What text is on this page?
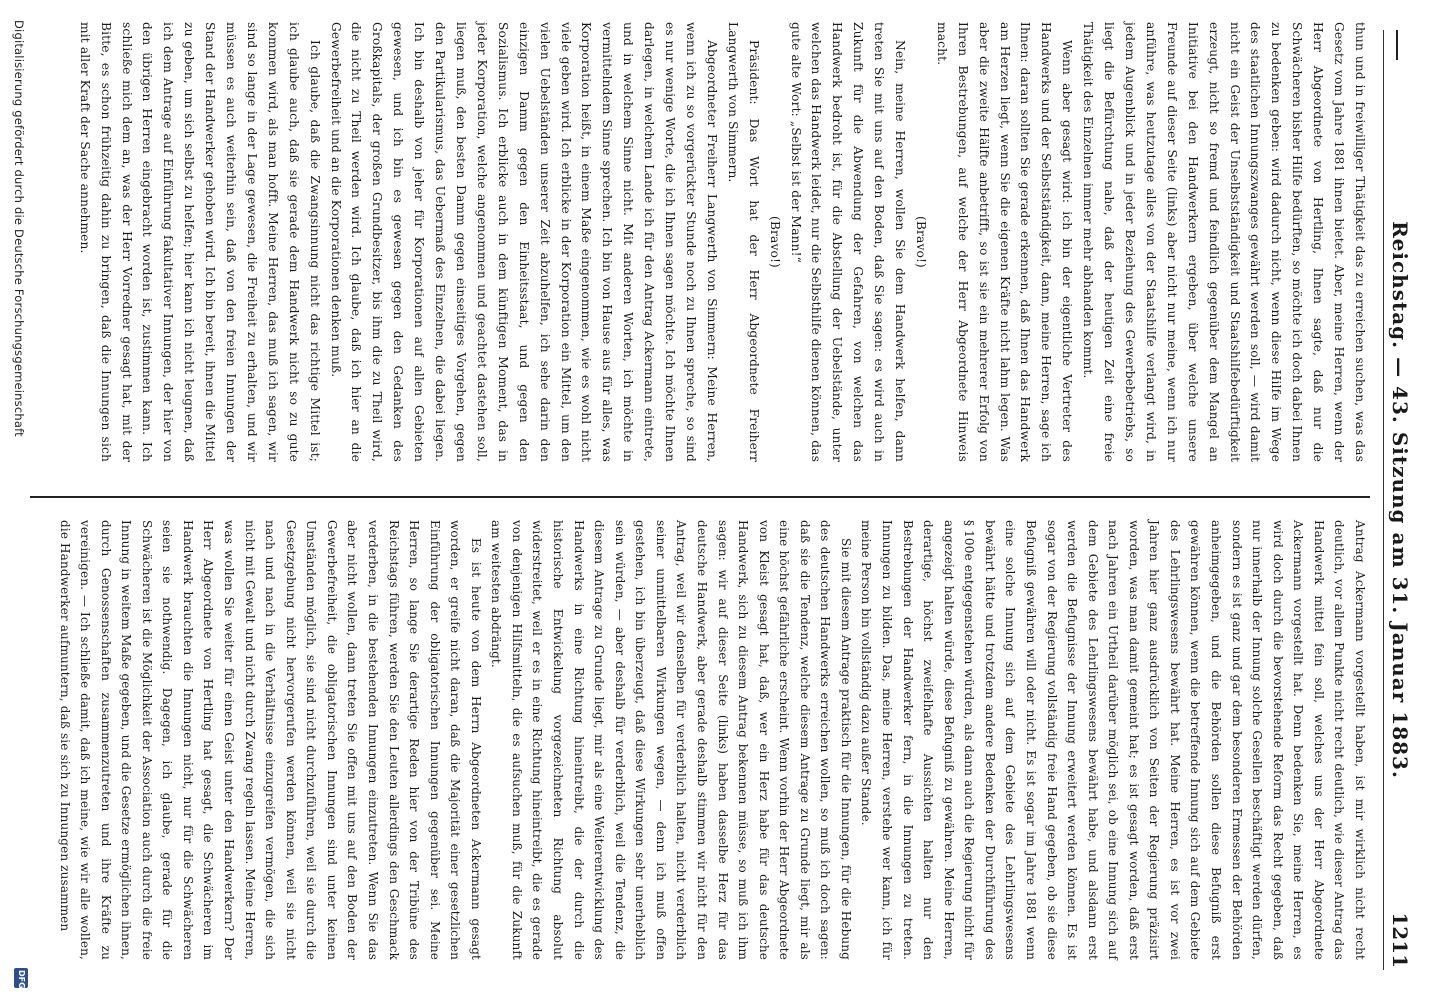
Reichstag. — 43. Sitzung am 31. Januar 1883.
1211

thun und in freiwilliger Thätigkeit das zu erreichen suchen, was das Gesetz vom Jahre 1881 ihnen bietet. Aber, meine Herren, wenn der Herr Abgeordnete von Hertling, Ihnen sagte, daß nur die Schwächeren bisher Hilfe bedürften, so möchte ich doch dabei Ihnen zu bedenken geben: wird dadurch nicht, wenn diese Hilfe im Wege des staatlichen Innungszwanges gewährt werden soll, — wird damit nicht ein Geist der Unselbstständigkeit und Staatshilfebedürftigkeit erzeugt, nicht so fremd und feindlich gegenüber dem Mangel an Initiative bei den Handwerkern ergeben, über welche unsere Freunde auf dieser Seite (links) aber nicht nur meine, wenn ich nur anführe, was heutzutage alles von der Staatshilfe verlangt wird, in jedem Augenblick und in jeder Beziehung des Gewerbebetriebs, so liegt die Befürchtung nahe, daß der heutigen Zeit eine freie Thätigkeit des Einzelnen immer mehr abhanden kommt.

Wenn aber gesagt wird: ich bin der eigentliche Vertreter des Handwerks und der Selbstständigkeit, dann, meine Herren, sage ich Ihnen: daran sollten Sie gerade erkennen, daß Ihnen das Handwerk am Herzen liegt, wenn Sie die eigenen Kräfte nicht lahm legen. Was aber die zweite Hälfte anbetrifft, so ist sie ein mehrerer Erfolg von Ihren Bestrebungen, auf welche der Herr Abgeordnete Hinweis macht.

(Bravo!)

Nein, meine Herren, wollen Sie dem Handwerk helfen, dann treten Sie mit uns auf den Boden, daß Sie sagen: es wird auch in Zukunft für die Abwendung der Gefahren, von welchen das Handwerk bedroht ist, für die Abstellung der Uebelstände, unter welchen das Handwerk leidet, nur die Selbsthilfe dienen können, das gute alte Wort: „Selbst ist der Mann!“

(Bravo!)

Präsident: Das Wort hat der Herr Abgeordnete Freiherr Langwerth von Simmern.

Abgeordneter Freiherr Langwerth von Simmern: Meine Herren, wenn ich zu so vorgerückter Stunde noch zu Ihnen spreche, so sind es nur wenige Worte, die ich Ihnen sagen möchte. Ich möchte Ihnen darlegen, in welchem Lande ich für den Antrag Ackermann eintrete, und in welchem Sinne nicht. Mit anderen Worten, ich möchte in vermittelndem Sinne sprechen. Ich bin von Hause aus für alles, was Korporation heißt, in einem Maße eingenommen, wie es wohl nicht viele geben wird. Ich erblicke in der Korporation ein Mittel, um den vielen Uebelständen unserer Zeit abzuhelfen, ich sehe darin den einzigen Damm gegen den Einheitsstaat, und gegen den Sozialismus. Ich erblicke auch in dem künftigen Moment, das in jeder Korporation, welche angenommen und geachtet dastehen soll, liegen muß, den besten Damm gegen einseitiges Vorgehen, gegen den Partikularismus, das Uebermaß des Einzelnen, die dabei liegen. Ich bin deshalb von jeher für Korporationen auf allen Gebieten gewesen, und ich bin es gewesen gegen den Gedanken des Großkapitals, der großen Grundbesitzer, bis ihm die zu Theil wird, die nicht zu Theil werden wird. Ich glaube, daß ich hier an die Gewerbefreiheit und an die Korporationen denken muß.

Ich glaube, daß die Zwangsinnung nicht das richtige Mittel ist; ich glaube auch, daß sie gerade dem Handwerk nicht so zu gute kommen wird, als man hofft. Meine Herren, das muß ich sagen, wir sind so lange in der Lage gewesen, die Freiheit zu erhalten, und wir müssen es auch weiterhin sein, daß von den freien Innungen der Stand der Handwerker gehoben wird. Ich bin bereit, ihnen die Mittel zu geben, um sich selbst zu helfen; hier kann ich nicht leugnen, daß ich dem Antrage auf Einführung fakultativer Innungen, der hier von den übrigen Herren eingebracht worden ist, zustimmen kann. Ich schließe mich dem an, was der Herr Vorredner gesagt hat, mit der Bitte, es schon frühzeitig dahin zu bringen, daß die Innungen sich mit aller Kraft der Sache annehmen.

Antrag Ackermann vorgestellt haben, ist mir wirklich nicht recht deutlich, vor allem Punkte nicht recht deutlich, wie dieser Antrag das Handwerk mittel fein soll, welches uns der Herr Abgeordnete Ackermann vorgestellt hat. Denn bedenken Sie, meine Herren, es wird doch durch die bevorstehende Reform das Recht gegeben, daß nur innerhalb der Innung solche Gesellen beschäftigt werden dürfen, sondern es ist ganz und gar dem besonderen Ermessen der Behörden anheimgegeben, und die Behörden sollen diese Befugniß erst gewähren können, wenn die betreffende Innung sich auf dem Gebiete des Lehrlingswesens bewährt hat. Meine Herren, es ist vor zwei Jahren hier ganz ausdrücklich von Seiten der Regierung präzisirt worden, was man damit gemeint hat; es ist gesagt worden, daß erst nach Jahren ein Urtheil darüber möglich sei, ob eine Innung sich auf dem Gebiete des Lehrlingswesens bewährt habe, und alsdann erst werden die Befugnisse der Innung erweitert werden können. Es ist sogar von der Regierung vollständig freie Hand gegeben, ob sie diese Befugniß gewähren will oder nicht. Es ist sogar im Jahre 1881 wenn eine solche Innung sich auf dem Gebiete des Lehrlingswesens bewährt hätte und trotzdem andere Bedenken der Durchführung des § 100e entgegenstehen würden, als dann auch die Regierung nicht für angezeigt halten würde, diese Befugniß zu gewähren. Meine Herren, derartige, höchst zweifelhafte Aussichten halten nur den Bestrebungen der Handwerker fern, in die Innungen zu treten. Innungen zu bilden. Das, meine Herren, verstehe wer kann, ich für meine Person bin vollständig dazu außer Stande.

Sie mit diesem Antrage praktisch für die Innungen, für die Hebung des deutschen Handwerks erreichen wollen, so muß ich doch sagen: daß sie die Tendenz, welche diesem Antrage zu Grunde liegt, mir als eine höchst gefährliche erscheint. Wenn vorhin der Herr Abgeordnete von Kleist gesagt hat, daß, wer ein Herz habe für das deutsche Handwerk, sich zu diesem Antrag bekennen müsse, so muß ich ihm sagen: wir auf dieser Seite (links) haben dasselbe Herz für das deutsche Handwerk, aber gerade deshalb stimmen wir nicht für den Antrag, weil wir denselben für verderblich halten, nicht verderblich seiner unmittelbaren Wirkungen wegen, — denn ich muß offen gestehen, ich bin überzeugt, daß diese Wirkungen sehr unerheblich sein würden, — aber deshalb für verderblich, weil die Tendenz, die diesem Antrage zu Grunde liegt, mir als eine Weiterentwicklung des Handwerks in eine Richtung hineintreibt, die der durch die historische Entwickelung vorgezeichneten Richtung absolut widerstreitet, weil er es in eine Richtung hineintreibt, die es gerade von denjenigen Hilfsmitteln, die es aufsuchen muß, für die Zukunft am weitesten abdrängt.

Es ist heute von dem Herrn Abgeordneten Ackermann gesagt worden, er greife nicht daran, daß die Majorität einer gesetzlichen Einführung der obligatorischen Innungen gegenüber sei. Meine Herren, so lange Sie derartige Reden hier von der Tribüne des Reichstags führen, werden Sie den Leuten allerdings den Geschmack verderben, in die bestehenden Innungen einzutreten. Wenn Sie das aber nicht wollen, dann treten Sie offen mit uns auf den Boden der Gewerbefreiheit, die obligatorischen Innungen sind unter keinen Umständen möglich, sie sind nicht durchzuführen, weil sie durch die Gesetzgebung nicht hervorgerufen werden können, weil sie nicht nach und nach in die Verhältnisse einzugreifen vermögen, die sich nicht mit Gewalt und nicht durch Zwang regeln lassen. Meine Herren, was wollen Sie weiter für einen Geist unter den Handwerkern? Der Herr Abgeordnete von Hertling hat gesagt, die Schwächeren im Handwerk brauchten die Innungen nicht, nur für die Schwächeren seien sie nothwendig. Dagegen, ich glaube, gerade für die Schwächeren ist die Möglichkeit der Association auch durch die freie Innung in weitem Maße gegeben, und die Gesetze ermöglichen ihnen, durch Genossenschaften zusammenzutreten und ihre Kräfte zu vereinigen. — Ich schließe damit, daß ich meine, wie wir alle wollen, die Handwerker aufmuntern, daß sie sich zu Innungen zusammen

Digitalisierung gefördert durch die Deutsche Forschungsgemeinschaft
DFG
